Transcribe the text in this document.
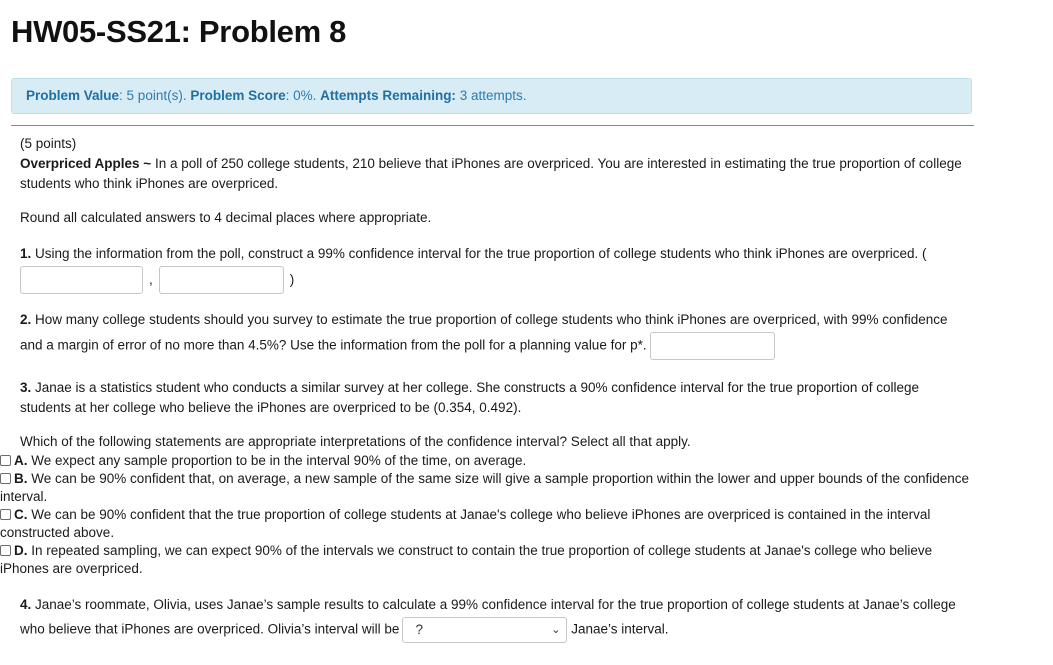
HW05-SS21: Problem 8
Problem Value: 5 point(s). Problem Score: 0%. Attempts Remaining: 3 attempts.

(5 points)

Overpriced Apples ~ In a poll of 250 college students, 210 believe that iPhones are overpriced. You are interested in estimating the true proportion of college students who think iPhones are overpriced.

Round all calculated answers to 4 decimal places where appropriate.

1. Using the information from the poll, construct a 99% confidence interval for the true proportion of college students who think iPhones are overpriced. (,	)

2. How many college students should you survey to estimate the true proportion of college students who think iPhones are overpriced, with 99% confidence and a margin of error of no more than 4.5%? Use the information from the poll for a planning value for p*.

3. Janae is a statistics student who conducts a similar survey at her college. She constructs a 90% confidence interval for the true proportion of college students at her college who believe the iPhones are overpriced to be (0.354, 0.492).

Which of the following statements are appropriate interpretations of the confidence interval? Select all that apply.

A. We expect any sample proportion to be in the interval 90% of the time, on average.

B. We can be 90% confident that, on average, a new sample of the same size will give a sample proportion within the lower and upper bounds of the confidence interval.

C. We can be 90% confident that the true proportion of college students at Janae's college who believe iPhones are overpriced is contained in the interval constructed above.

D. In repeated sampling, we can expect 90% of the intervals we construct to contain the true proportion of college students at Janae's college who believe iPhones are overpriced.

4. Janae’s roommate, Olivia, uses Janae’s sample results to calculate a 99% confidence interval for the true proportion of college students at Janae’s college who believe that iPhones are overpriced. Olivia’s interval will be ?	⌄ Janae’s interval.
